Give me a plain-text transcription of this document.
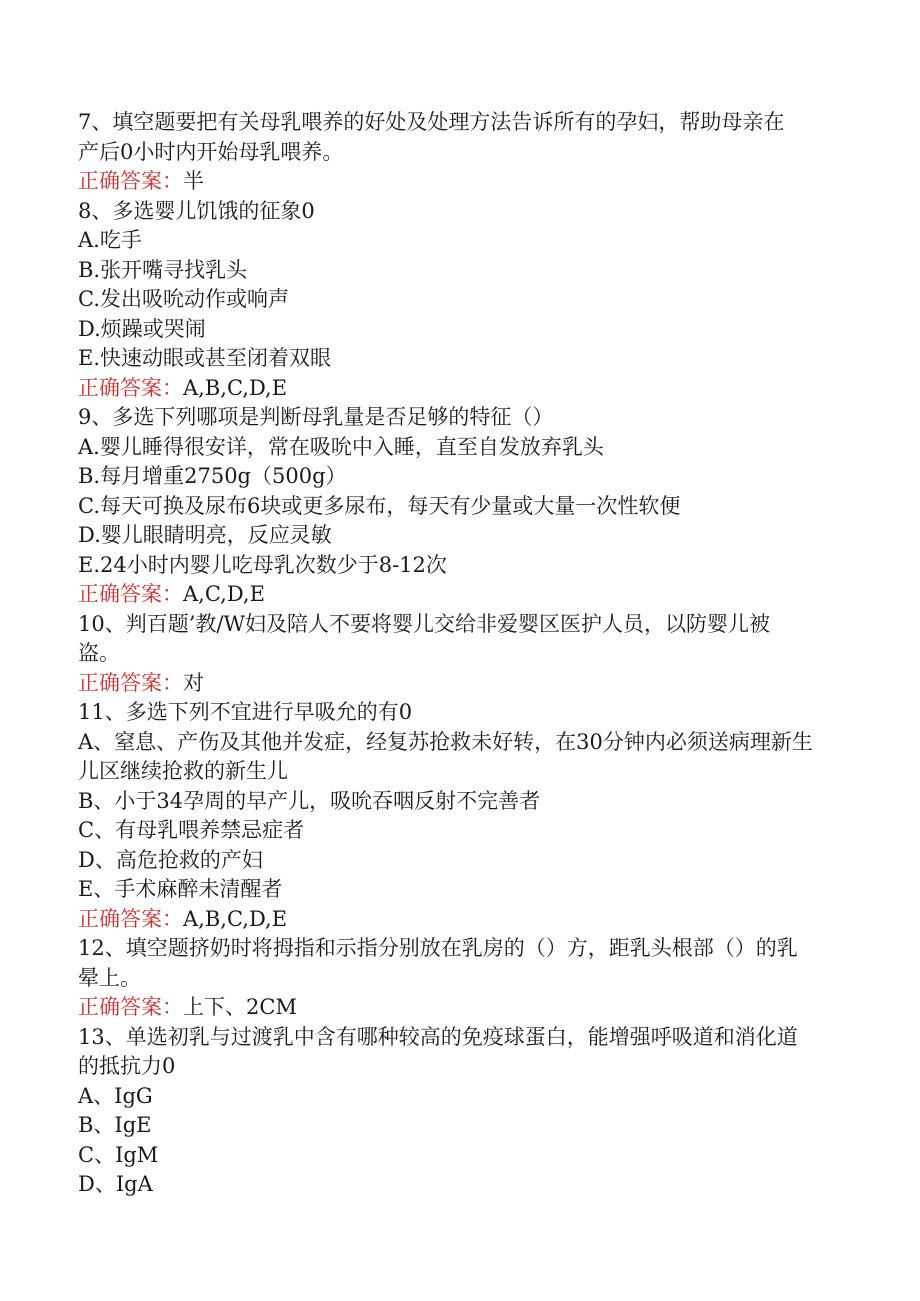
7、填空题要把有关母乳喂养的好处及处理方法告诉所有的孕妇，帮助母亲在

产后0小时内开始母乳喂养。

正确答案：半

8、多选婴儿饥饿的征象0

A.吃手

B.张开嘴寻找乳头

C.发出吸吮动作或响声

D.烦躁或哭闹

E.快速动眼或甚至闭着双眼

正确答案：A,B,C,D,E

9、多选下列哪项是判断母乳量是否足够的特征（）

A.婴儿睡得很安详，常在吸吮中入睡，直至自发放弃乳头

B.每月增重2750g（500g）

C.每天可换及尿布6块或更多尿布，每天有少量或大量一次性软便

D.婴儿眼睛明亮，反应灵敏

E.24小时内婴儿吃母乳次数少于8-12次

正确答案：A,C,D,E

10、判百题’教/W妇及陪人不要将婴儿交给非爱婴区医护人员，以防婴儿被

盗。

正确答案：对

11、多选下列不宜进行早吸允的有0

A、窒息、产伤及其他并发症，经复苏抢救未好转，在30分钟内必须送病理新生

儿区继续抢救的新生儿

B、小于34孕周的早产儿，吸吮吞咽反射不完善者

C、有母乳喂养禁忌症者

D、高危抢救的产妇

E、手术麻醉未清醒者

正确答案：A,B,C,D,E

12、填空题挤奶时将拇指和示指分别放在乳房的（）方，距乳头根部（）的乳

晕上。

正确答案：上下、2CM

13、单选初乳与过渡乳中含有哪种较高的免疫球蛋白，能增强呼吸道和消化道

的抵抗力0

A、IgG

B、IgE

C、IgM

D、IgA
